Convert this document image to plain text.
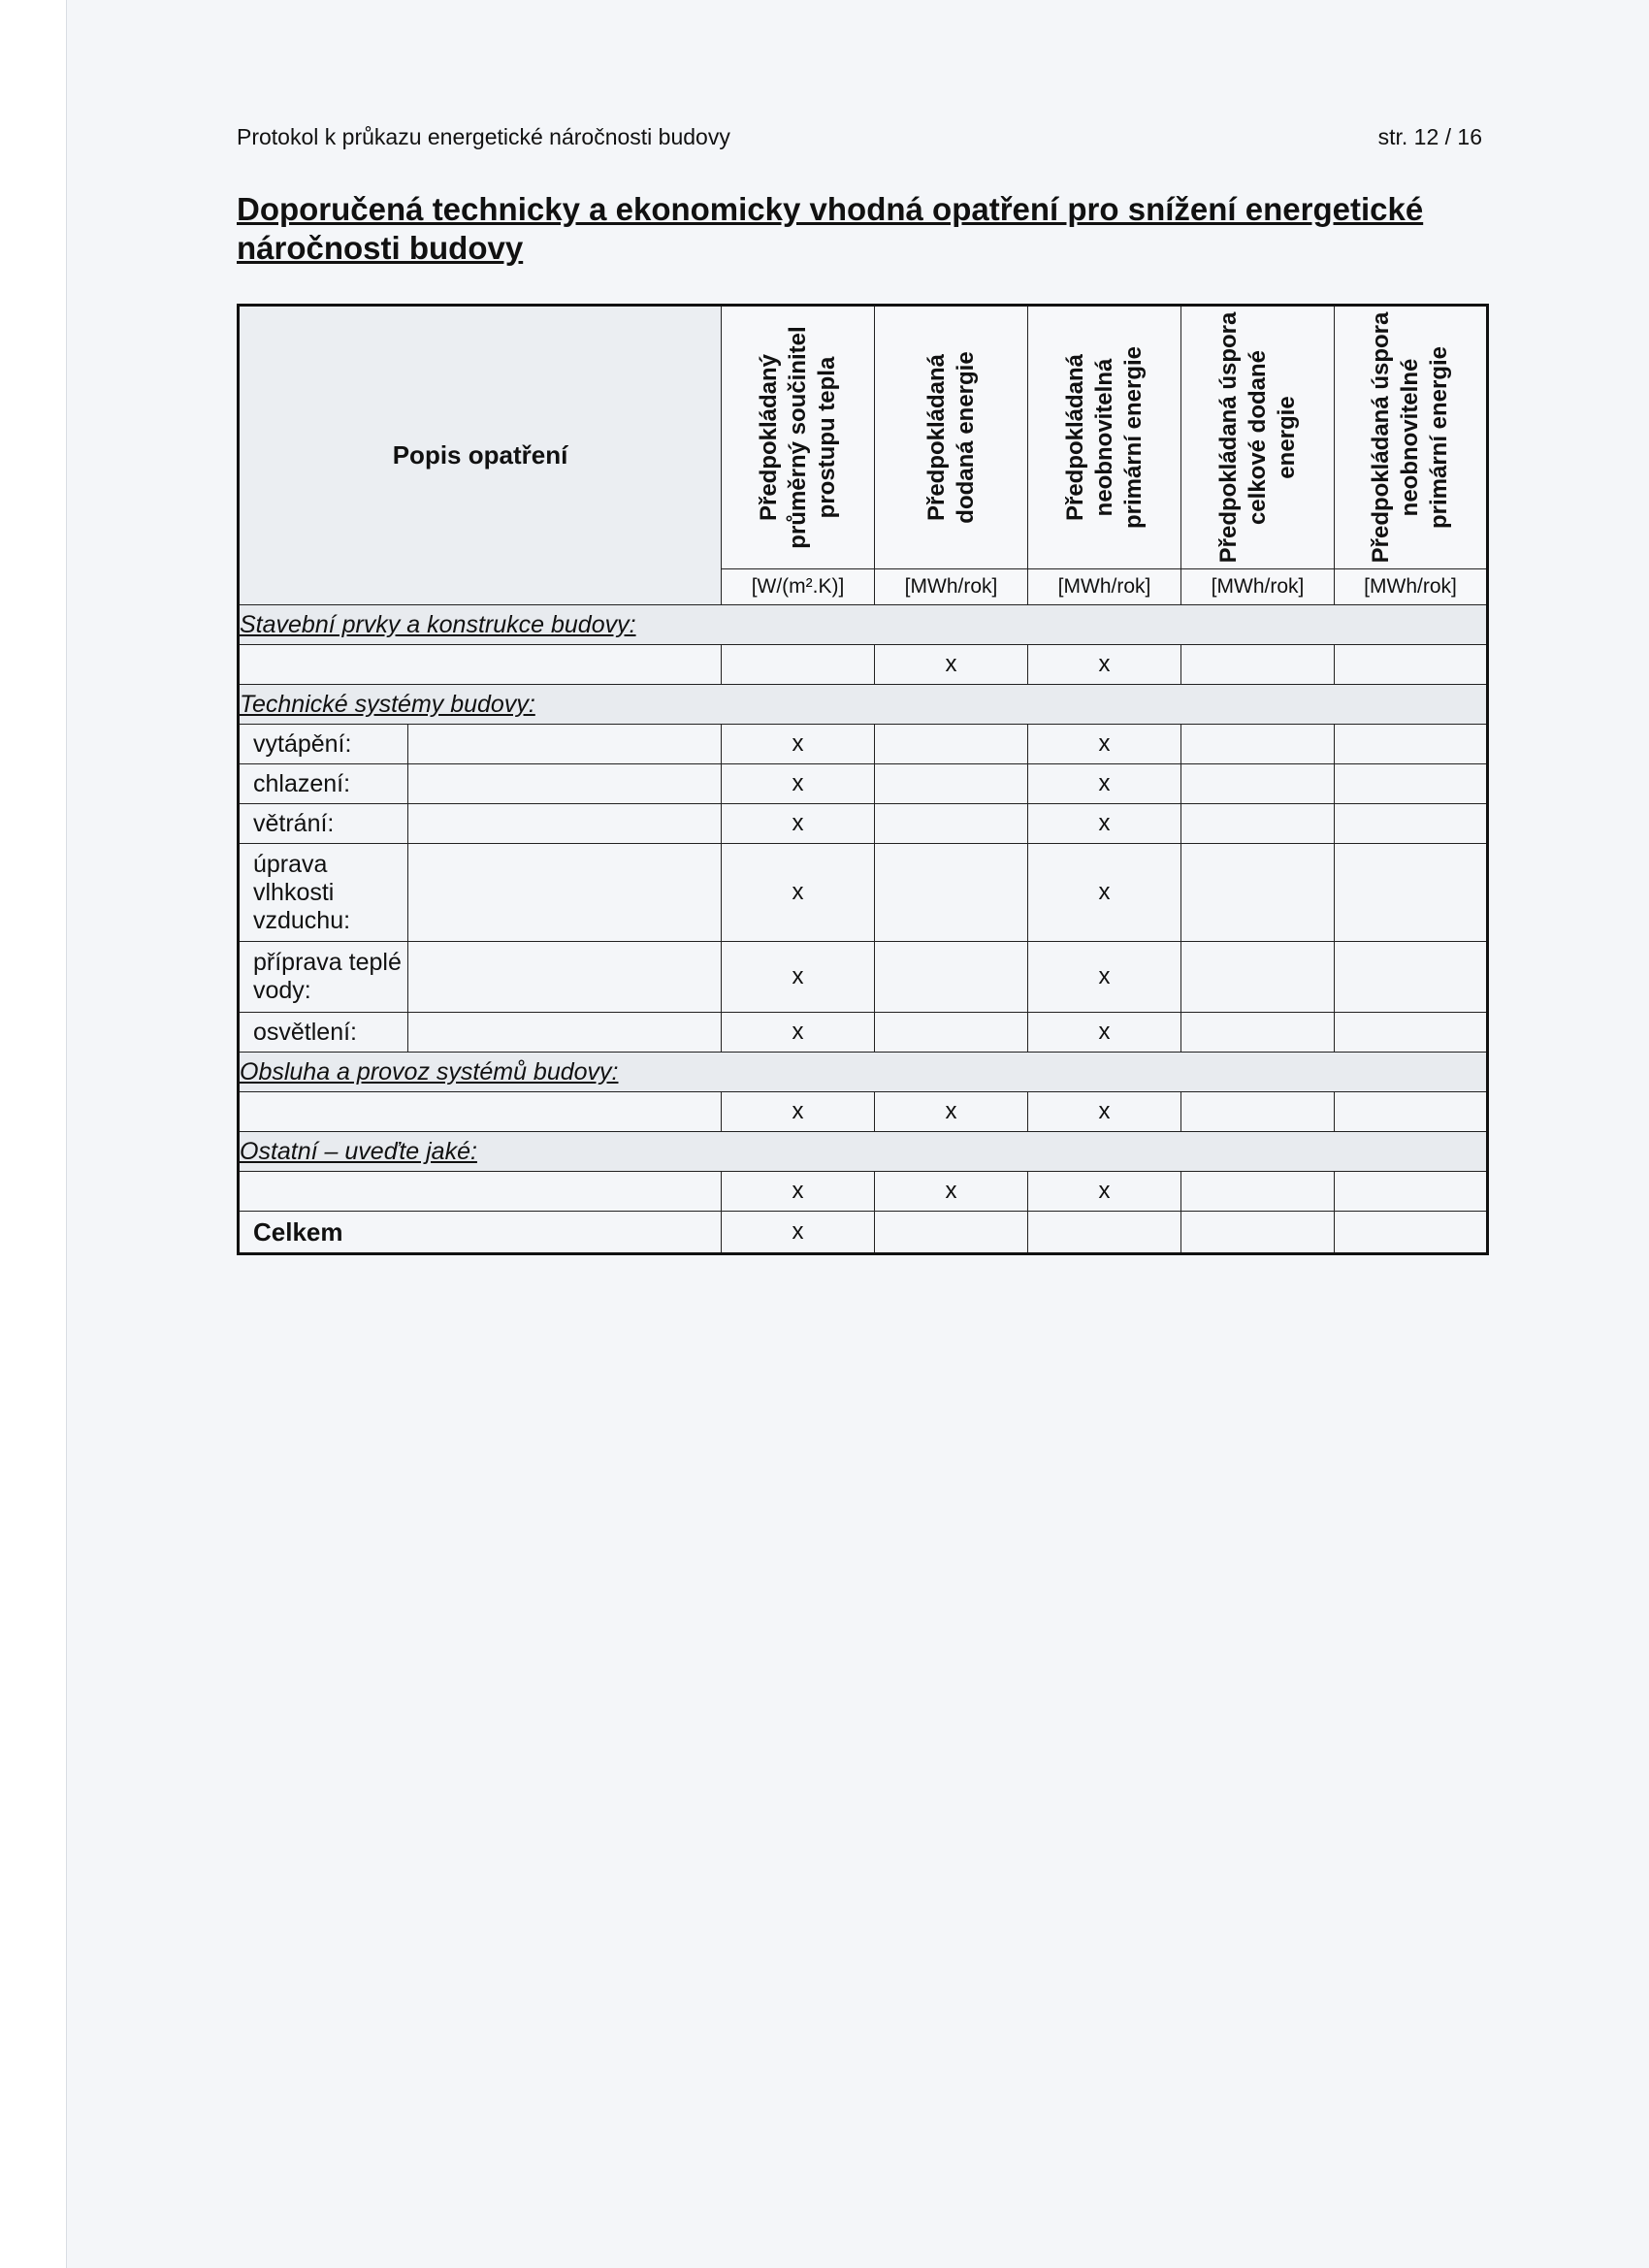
Protokol k průkazu energetické náročnosti budovy	str. 12 / 16
Doporučená technicky a ekonomicky vhodná opatření pro snížení energetické náročnosti budovy
Popis opatření		Předpokládaný průměrný součinitel prostupu tepla	Předpokládaná dodaná energie	Předpokládaná neobnovitelná primární energie	Předpokládaná úspora celkové dodané energie	Předpokládaná úspora neobnovitelné primární energie

		[W/(m².K)]	[MWh/rok]	[MWh/rok]	[MWh/rok]	[MWh/rok]
Stavební prvky a konstrukce budovy:						
			x	x		
Technické systémy budovy:						
vytápění:		x		x		
chlazení:		x		x		
větrání:		x		x		
úprava vlhkosti vzduchu:		x		x		
příprava teplé vody:		x		x		
osvětlení:		x		x		
Obsluha a provoz systémů budovy:						
		x	x	x		
Ostatní – uveďte jaké:						
		x	x	x		
Celkem		x				
